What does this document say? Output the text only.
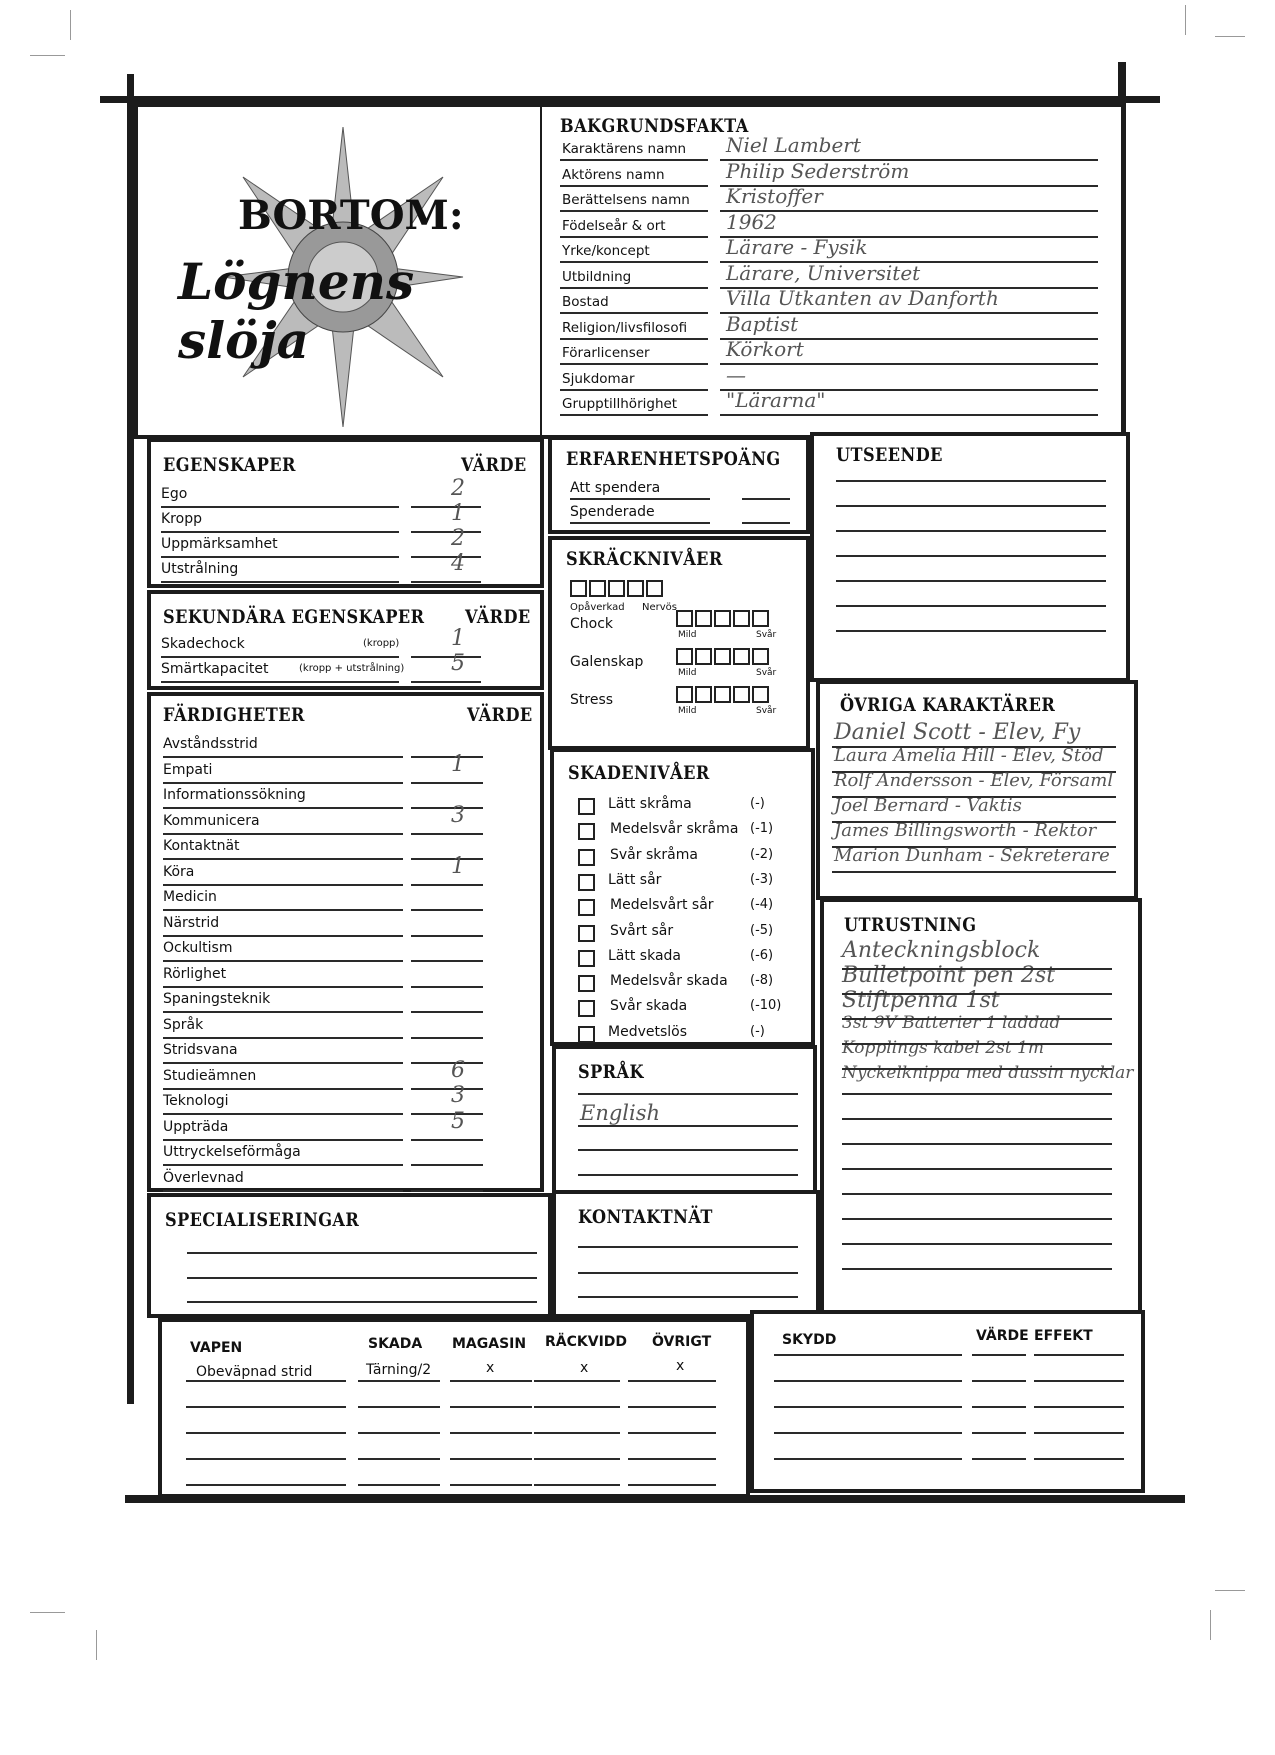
BORTOM:
Lögnens slöja
BAKGRUNDSFAKTA
Karaktärens namn Niel Lambert
Aktörens namn	Philip Sederström
Berättelsens namn Kristoffer
Födelseår & ort	1962
Yrke/koncept	Lärare - Fysik
Utbildning	Lärare, Universitet
Bostad	Villa Utkanten av Danforth
Religion/livsfilosofi Baptist
Förarlicenser	Körkort
Sjukdomar	—
Grupptillhörighet "Lärarna"
EGENSKAPER	VÄRDE
Ego	2
Kropp	1
Uppmärksamhet	2
Utstrålning	4
SEKUNDÄRA EGENSKAPER VÄRDE
Skadechock	(kropp) 1
Smärtkapacitet	(kropp + utstrålning) 5
FÄRDIGHETER	VÄRDE
Avståndsstrid
Empati	1
Informationssökning
Kommunicera	3
Kontaktnät
Köra	1
Medicin
Närstrid
Ockultism
Rörlighet
Spaningsteknik
Språk
Stridsvana
Studieämnen	6
Teknologi	3
Uppträda	5
Uttryckelseförmåga
Överlevnad
SPECIALISERINGAR
ERFARENHETSPOÄNG
Att spendera
Spenderade
SKRÄCKNIVÅER
Opåverkad Nervös
Chock
Mild	Svår
Galenskap
Mild	Svår
Stress
Mild	Svår
SKADENIVÅER
Lätt skråma	(-)
Medelsvår skråma (-1)
Svår skråma	(-2)
Lätt sår	(-3)
Medelsvårt sår	(-4)
Svårt sår	(-5)
Lätt skada	(-6)
Medelsvår skada (-8)
Svår skada	(-10)
Medvetslös	(-)
SPRÅK
English
KONTAKTNÄT
UTSEENDE
ÖVRIGA KARAKTÄRER
Daniel Scott - Elev, Fy
Laura Amelia Hill - Elev, Stöd
Rolf Andersson - Elev, Församl
Joel Bernard - Vaktis
James Billingsworth - Rektor
Marion Dunham - Sekreterare
UTRUSTNING
Anteckningsblock
Bulletpoint pen 2st
Stiftpenna 1st
3st 9V Batterier 1 laddad
Kopplings kabel 2st 1m
Nyckelknippa med dussin nycklar
VAPEN	SKADA MAGASIN RÄCKVIDD ÖVRIGT
Obeväpnad strid	Tärning/2	x	x	x
SKYDD	VÄRDE EFFEKT
